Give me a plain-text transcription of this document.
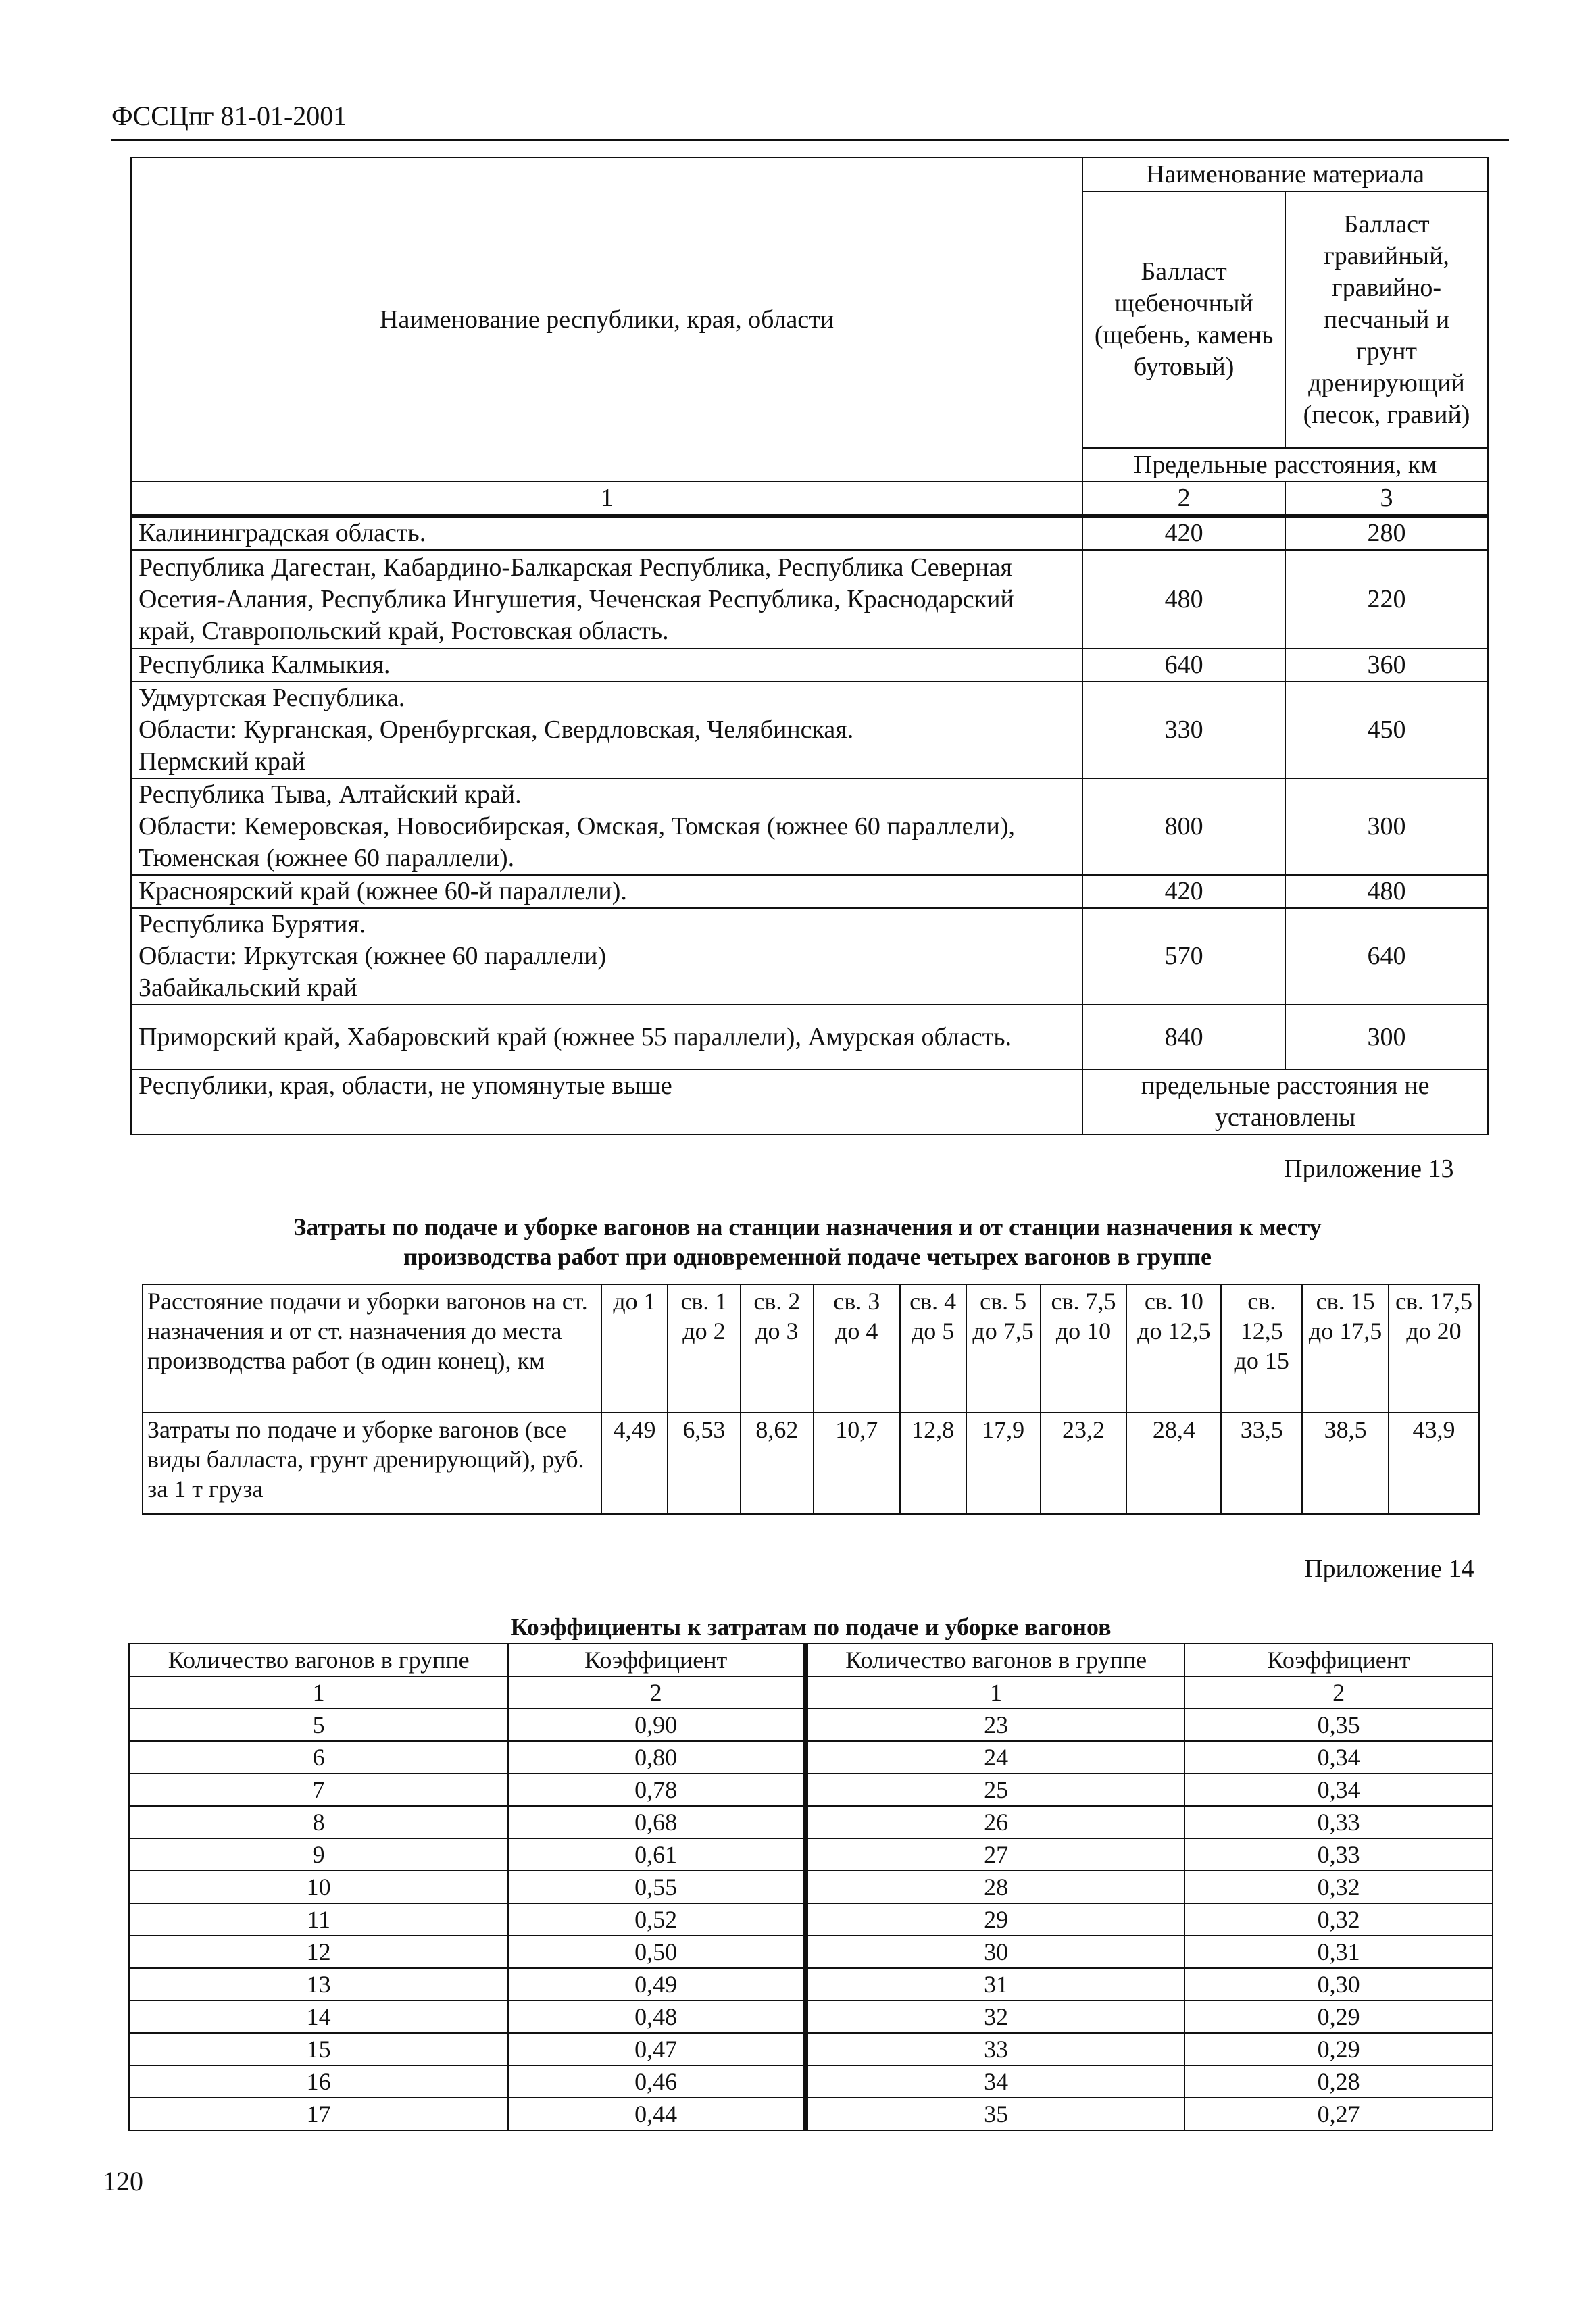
ФССЦпг 81-01-2001
Наименование республики, края, области	Наименование материала	
	Балласт щебеночный (щебень, камень бутовый)	Балласт гравийный, гравийно-песчаный и грунт дренирующий (песок, гравий)
	Предельные расстояния, км	
1	2	3
Калининградская область.	420	280
Республика Дагестан, Кабардино-Балкарская Республика, Республика Северная Осетия-Алания, Республика Ингушетия, Чеченская Республика, Краснодарский край, Ставропольский край, Ростовская область.	480	220
Республика Калмыкия.	640	360
Удмуртская Республика.
Области: Курганская, Оренбургская, Свердловская, Челябинская.
Пермский край	330	450
Республика Тыва, Алтайский край.
Области: Кемеровская, Новосибирская, Омская, Томская (южнее 60 параллели), Тюменская (южнее 60 параллели).	800	300
Красноярский край (южнее 60-й параллели).	420	480
Республика Бурятия.
Области: Иркутская (южнее 60 параллели)
Забайкальский край	570	640
Приморский край, Хабаровский край (южнее 55 параллели), Амурская область.	840	300
Республики, края, области, не упомянутые выше	предельные расстояния не установлены	
Приложение 13
Затраты по подаче и уборке вагонов на станции назначения и от станции назначения к месту
производства работ при одновременной подаче четырех вагонов в группе
Расстояние подачи и уборки вагонов на ст. назначения и от ст. назначения до места производства работ (в один конец), км	до 1	св. 1 до 2	св. 2 до 3	св. 3 до 4	св. 4 до 5	св. 5 до 7,5	св. 7,5 до 10	св. 10 до 12,5	св. 12,5 до 15	св. 15 до 17,5	св. 17,5 до 20
Затраты по подаче и уборке вагонов (все виды балласта, грунт дренирующий), руб. за 1 т груза	4,49	6,53	8,62	10,7	12,8	17,9	23,2	28,4	33,5	38,5	43,9
Приложение 14
Коэффициенты к затратам по подаче и уборке вагонов
Количество вагонов в группе	Коэффициент	Количество вагонов в группе	Коэффициент
1	2	1	2
5	0,90	23	0,35
6	0,80	24	0,34
7	0,78	25	0,34
8	0,68	26	0,33
9	0,61	27	0,33
10	0,55	28	0,32
11	0,52	29	0,32
12	0,50	30	0,31
13	0,49	31	0,30
14	0,48	32	0,29
15	0,47	33	0,29
16	0,46	34	0,28
17	0,44	35	0,27
120
